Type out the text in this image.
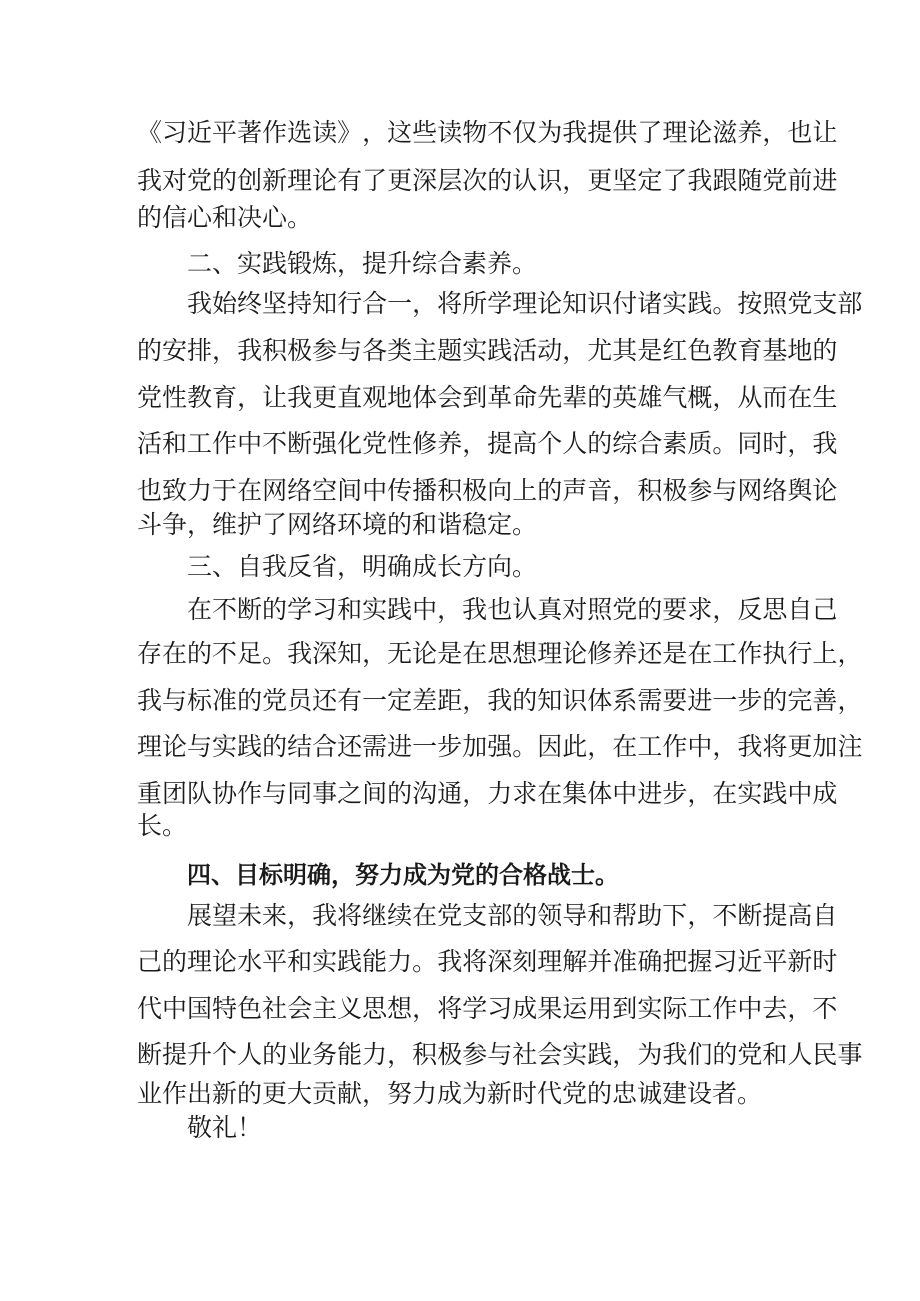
《 习 近 平 著 作 选 读 》 ， 这 些 读 物 不 仅 为 我 提 供 了 理 论 滋 养 ， 也 让
我 对 党 的 创 新 理 论 有 了 更 深 层 次 的 认 识 ， 更 坚 定 了 我 跟 随 党 前 进
的信心和决心。
二、实践锻炼，提升综合素养。
我 始 终 坚 持 知 行 合 一 ， 将 所 学 理 论 知 识 付 诸 实 践 。 按 照 党 支 部
的 安 排 ， 我 积 极 参 与 各 类 主 题 实 践 活 动 ， 尤 其 是 红 色 教 育 基 地 的
党 性 教 育 ， 让 我 更 直 观 地 体 会 到 革 命 先 辈 的 英 雄 气 概 ， 从 而 在 生
活 和 工 作 中 不 断 强 化 党 性 修 养 ， 提 高 个 人 的 综 合 素 质 。 同 时 ， 我
也 致 力 于 在 网 络 空 间 中 传 播 积 极 向 上 的 声 音 ， 积 极 参 与 网 络 舆 论
斗争，维护了网络环境的和谐稳定。
三、自我反省，明确成长方向。
在 不 断 的 学 习 和 实 践 中 ， 我 也 认 真 对 照 党 的 要 求 ， 反 思 自 己
存 在 的 不 足 。 我 深 知 ， 无 论 是 在 思 想 理 论 修 养 还 是 在 工 作 执 行 上 ，
我 与 标 准 的 党 员 还 有 一 定 差 距 ， 我 的 知 识 体 系 需 要 进 一 步 的 完 善 ，
理 论 与 实 践 的 结 合 还 需 进 一 步 加 强 。 因 此 ， 在 工 作 中 ， 我 将 更 加 注
重 团 队 协 作 与 同 事 之 间 的 沟 通 ， 力 求 在 集 体 中 进 步 ， 在 实 践 中 成
长。
四、目标明确，努力成为党的合格战士。
展 望 未 来 ， 我 将 继 续 在 党 支 部 的 领 导 和 帮 助 下 ， 不 断 提 高 自
己 的 理 论 水 平 和 实 践 能 力 。 我 将 深 刻 理 解 并 准 确 把 握 习 近 平 新 时
代 中 国 特 色 社 会 主 义 思 想 ， 将 学 习 成 果 运 用 到 实 际 工 作 中 去 ， 不
断 提 升 个 人 的 业 务 能 力 ， 积 极 参 与 社 会 实 践 ， 为 我 们 的 党 和 人 民 事
业作出新的更大贡献，努力成为新时代党的忠诚建设者。
敬礼！
